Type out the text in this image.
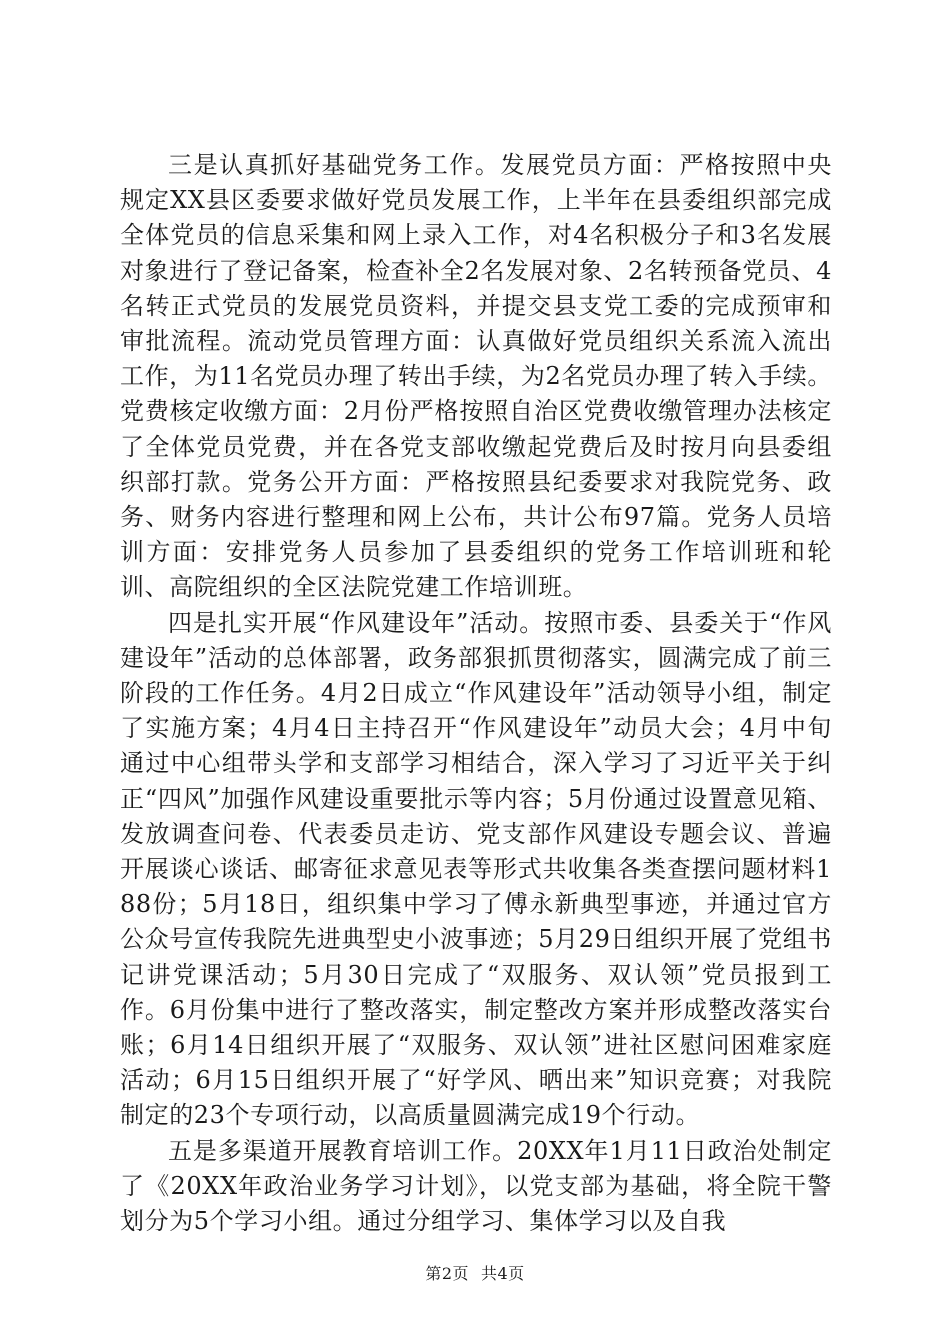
三是认真抓好基础党务工作。发展党员方面：严格按照中央规定XX县区委要求做好党员发展工作，上半年在县委组织部完成全体党员的信息采集和网上录入工作，对4名积极分子和3名发展对象进行了登记备案，检查补全2名发展对象、2名转预备党员、4名转正式党员的发展党员资料，并提交县支党工委的完成预审和审批流程。流动党员管理方面：认真做好党员组织关系流入流出工作，为11名党员办理了转出手续，为2名党员办理了转入手续。党费核定收缴方面：2月份严格按照自治区党费收缴管理办法核定了全体党员党费，并在各党支部收缴起党费后及时按月向县委组织部打款。党务公开方面：严格按照县纪委要求对我院党务、政务、财务内容进行整理和网上公布，共计公布97篇。党务人员培训方面：安排党务人员参加了县委组织的党务工作培训班和轮训、高院组织的全区法院党建工作培训班。

四是扎实开展“作风建设年”活动。按照市委、县委关于“作风建设年”活动的总体部署，政务部狠抓贯彻落实，圆满完成了前三阶段的工作任务。4月2日成立“作风建设年”活动领导小组，制定了实施方案；4月4日主持召开“作风建设年”动员大会；4月中旬通过中心组带头学和支部学习相结合，深入学习了习近平关于纠正“四风”加强作风建设重要批示等内容；5月份通过设置意见箱、发放调查问卷、代表委员走访、党支部作风建设专题会议、普遍开展谈心谈话、邮寄征求意见表等形式共收集各类查摆问题材料188份；5月18日，组织集中学习了傅永新典型事迹，并通过官方公众号宣传我院先进典型史小波事迹；5月29日组织开展了党组书记讲党课活动；5月30日完成了“双服务、双认领”党员报到工作。6月份集中进行了整改落实，制定整改方案并形成整改落实台账；6月14日组织开展了“双服务、双认领”进社区慰问困难家庭活动；6月15日组织开展了“好学风、晒出来”知识竞赛；对我院制定的23个专项行动，以高质量圆满完成19个行动。

五是多渠道开展教育培训工作。20XX年1月11日政治处制定了《20XX年政治业务学习计划》，以党支部为基础，将全院干警划分为5个学习小组。通过分组学习、集体学习以及自我

第2页 共4页
